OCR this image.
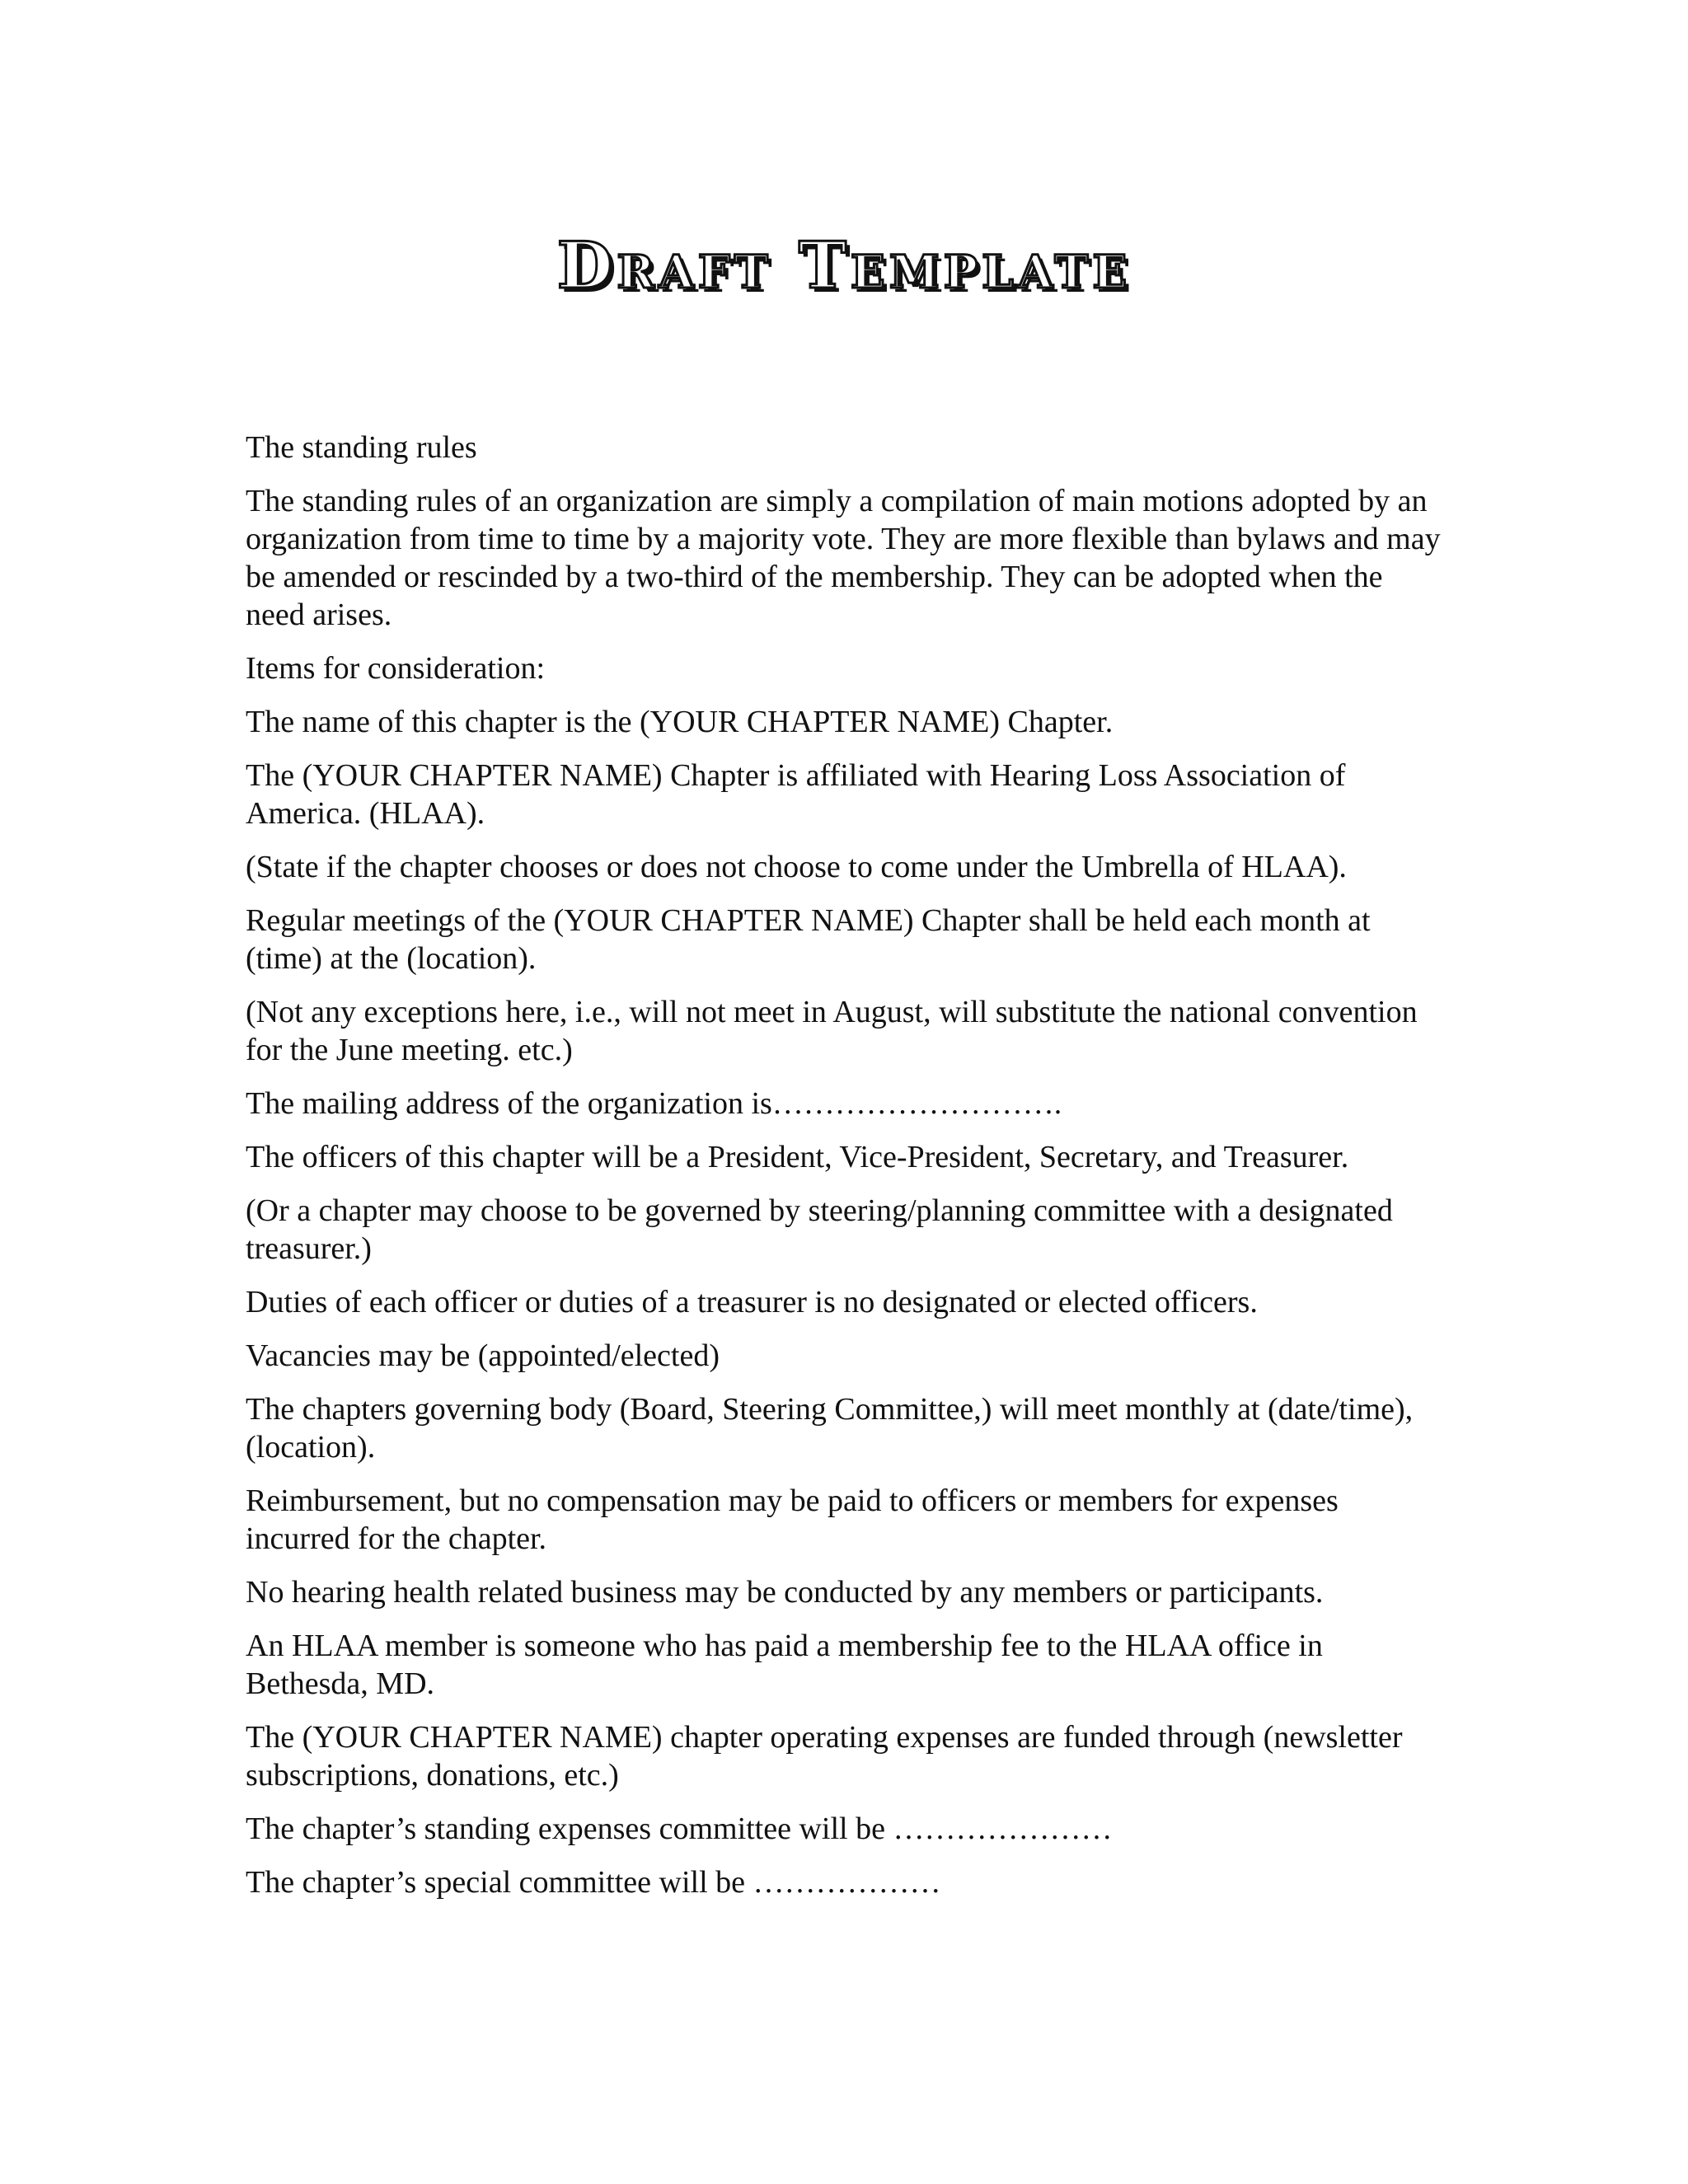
Draft Template

The standing rules

The standing rules of an organization are simply a compilation of main motions adopted by an organization from time to time by a majority vote. They are more flexible than bylaws and may be amended or rescinded by a two-third of the membership. They can be adopted when the need arises.

Items for consideration:

The name of this chapter is the (YOUR CHAPTER NAME) Chapter.

The (YOUR CHAPTER NAME) Chapter is affiliated with Hearing Loss Association of America. (HLAA).

(State if the chapter chooses or does not choose to come under the Umbrella of HLAA).

Regular meetings of the (YOUR CHAPTER NAME) Chapter shall be held each month at (time) at the (location).

(Not any exceptions here, i.e., will not meet in August, will substitute the national convention for the June meeting. etc.)

The mailing address of the organization is……………………….

The officers of this chapter will be a President, Vice-President, Secretary, and Treasurer.

(Or a chapter may choose to be governed by steering/planning committee with a designated treasurer.)

Duties of each officer or duties of a treasurer is no designated or elected officers.

Vacancies may be (appointed/elected)

The chapters governing body (Board, Steering Committee,) will meet monthly at (date/time), (location).

Reimbursement, but no compensation may be paid to officers or members for expenses incurred for the chapter.

No hearing health related business may be conducted by any members or participants.

An HLAA member is someone who has paid a membership fee to the HLAA office in Bethesda, MD.

The (YOUR CHAPTER NAME) chapter operating expenses are funded through (newsletter subscriptions, donations, etc.)

The chapter’s standing expenses committee will be …………………

The chapter’s special committee will be ………………
